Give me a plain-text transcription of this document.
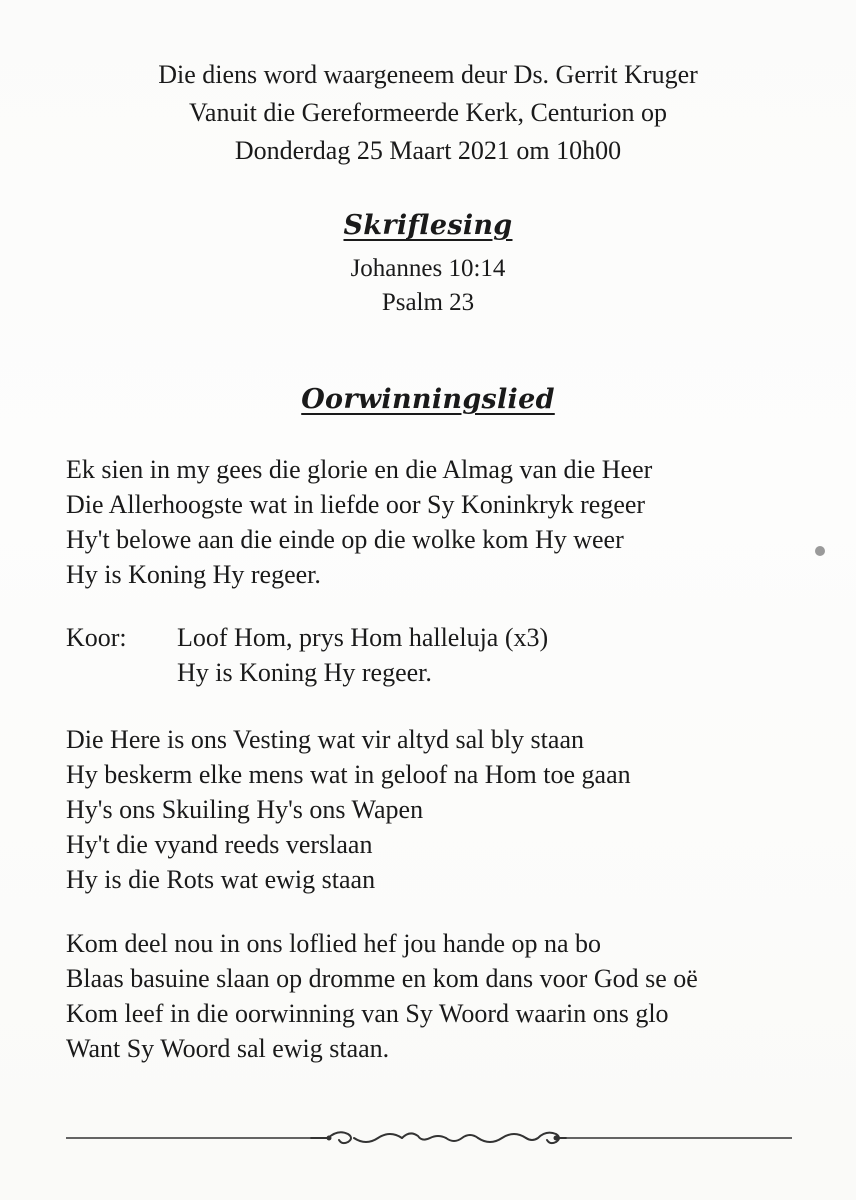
Die diens word waargeneem deur Ds. Gerrit Kruger
Vanuit die Gereformeerde Kerk, Centurion op
Donderdag 25 Maart 2021 om 10h00
Skriflesing
Johannes 10:14
Psalm 23
Oorwinningslied
Ek sien in my gees die glorie en die Almag van die Heer
Die Allerhoogste wat in liefde oor Sy Koninkryk regeer
Hy't belowe aan die einde op die wolke kom Hy weer
Hy is Koning Hy regeer.
Koor:	Loof Hom, prys Hom halleluja (x3)
Hy is Koning Hy regeer.
Die Here is ons Vesting wat vir altyd sal bly staan
Hy beskerm elke mens wat in geloof na Hom toe gaan
Hy's ons Skuiling Hy's ons Wapen
Hy't die vyand reeds verslaan
Hy is die Rots wat ewig staan
Kom deel nou in ons loflied hef jou hande op na bo
Blaas basuine slaan op dromme en kom dans voor God se oë
Kom leef in die oorwinning van Sy Woord waarin ons glo
Want Sy Woord sal ewig staan.
